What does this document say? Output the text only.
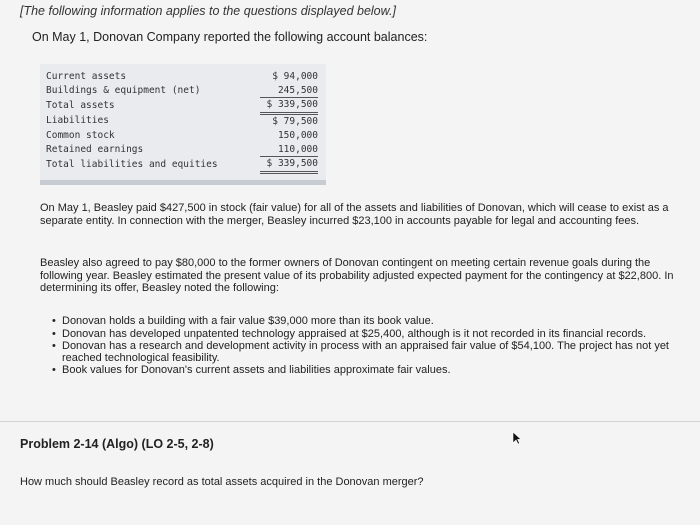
[The following information applies to the questions displayed below.]
On May 1, Donovan Company reported the following account balances:
Current assets	$ 94,000
Buildings & equipment (net)	245,500
Total assets	$ 339,500
Liabilities	$ 79,500
Common stock	150,000
Retained earnings	110,000
Total liabilities and equities	$ 339,500
On May 1, Beasley paid $427,500 in stock (fair value) for all of the assets and liabilities of Donovan, which will cease to exist as a separate entity. In connection with the merger, Beasley incurred $23,100 in accounts payable for legal and accounting fees.
Beasley also agreed to pay $80,000 to the former owners of Donovan contingent on meeting certain revenue goals during the following year. Beasley estimated the present value of its probability adjusted expected payment for the contingency at $22,800. In determining its offer, Beasley noted the following:
• Donovan holds a building with a fair value $39,000 more than its book value.
• Donovan has developed unpatented technology appraised at $25,400, although is it not recorded in its financial records.
• Donovan has a research and development activity in process with an appraised fair value of $54,100. The project has not yet reached technological feasibility.
• Book values for Donovan's current assets and liabilities approximate fair values.
Problem 2-14 (Algo) (LO 2-5, 2-8)
How much should Beasley record as total assets acquired in the Donovan merger?
